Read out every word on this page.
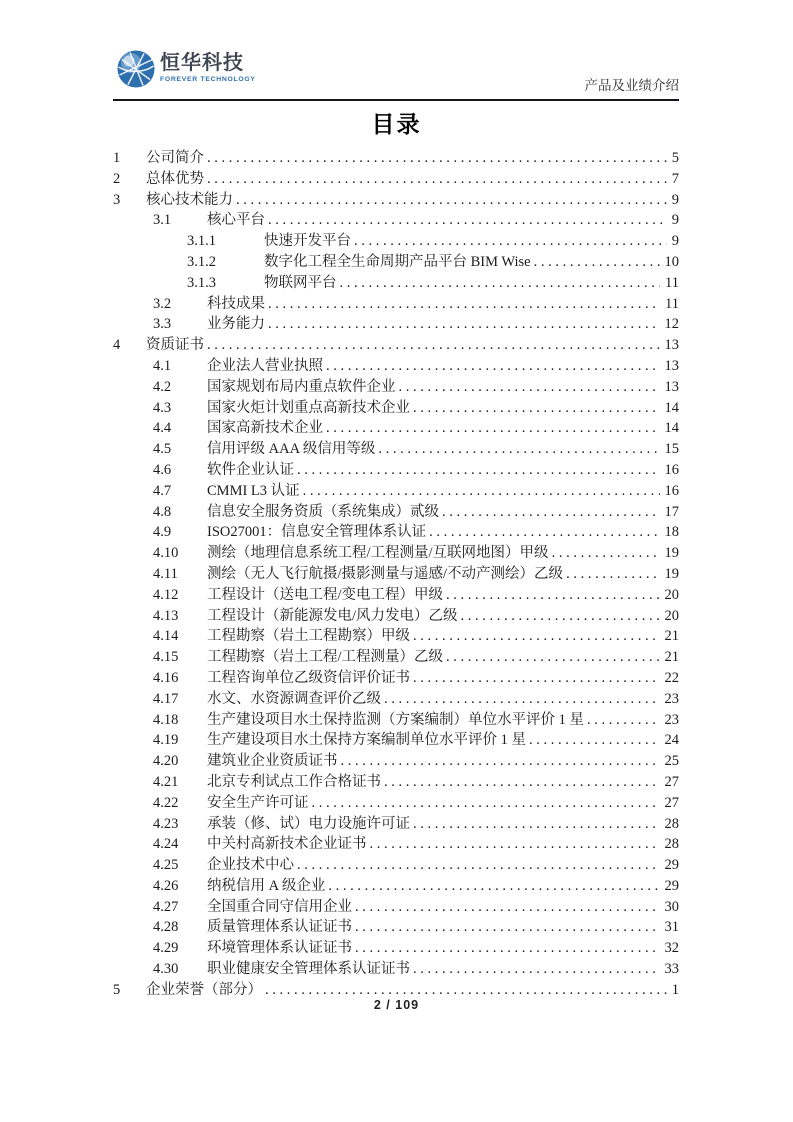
恒华科技
FOREVER TECHNOLOGY	产品及业绩介绍
目录
1	公司简介 . . .	5
2	总体优势 . . .	7
3	核心技术能力 . . .	9
3.1	核心平台 . . .	9
3.1.1	快速开发平台 . . .	9
3.1.2	数字化工程全生命周期产品平台 BIM Wise . . .	10
3.1.3	物联网平台 . . .	11
3.2	科技成果 . . .	11
3.3	业务能力 . . .	12
4	资质证书 . . .	13
4.1	企业法人营业执照 . . .	13
4.2	国家规划布局内重点软件企业 . . .	13
4.3	国家火炬计划重点高新技术企业 . . .	14
4.4	国家高新技术企业 . . .	14
4.5	信用评级 AAA 级信用等级 . . .	15
4.6	软件企业认证 . . .	16
4.7	CMMI L3 认证 . . .	16
4.8	信息安全服务资质（系统集成）贰级 . . .	17
4.9	ISO27001：信息安全管理体系认证 . . .	18
4.10	测绘（地理信息系统工程/工程测量/互联网地图）甲级 . . .	19
4.11	测绘（无人飞行航摄/摄影测量与遥感/不动产测绘）乙级 . . .	19
4.12	工程设计（送电工程/变电工程）甲级 . . .	20
4.13	工程设计（新能源发电/风力发电）乙级 . . .	20
4.14	工程勘察（岩土工程勘察）甲级 . . .	21
4.15	工程勘察（岩土工程/工程测量）乙级 . . .	21
4.16	工程咨询单位乙级资信评价证书 . . .	22
4.17	水文、水资源调查评价乙级 . . .	23
4.18	生产建设项目水土保持监测（方案编制）单位水平评价 1 星 . . .	23
4.19	生产建设项目水土保持方案编制单位水平评价 1 星 . . .	24
4.20	建筑业企业资质证书 . . .	25
4.21	北京专利试点工作合格证书 . . .	27
4.22	安全生产许可证 . . .	27
4.23	承装（修、试）电力设施许可证 . . .	28
4.24	中关村高新技术企业证书 . . .	28
4.25	企业技术中心 . . .	29
4.26	纳税信用 A 级企业 . . .	29
4.27	全国重合同守信用企业 . . .	30
4.28	质量管理体系认证证书 . . .	31
4.29	环境管理体系认证证书 . . .	32
4.30	职业健康安全管理体系认证证书 . . .	33
5	企业荣誉（部分） . . .	1
2 / 109
